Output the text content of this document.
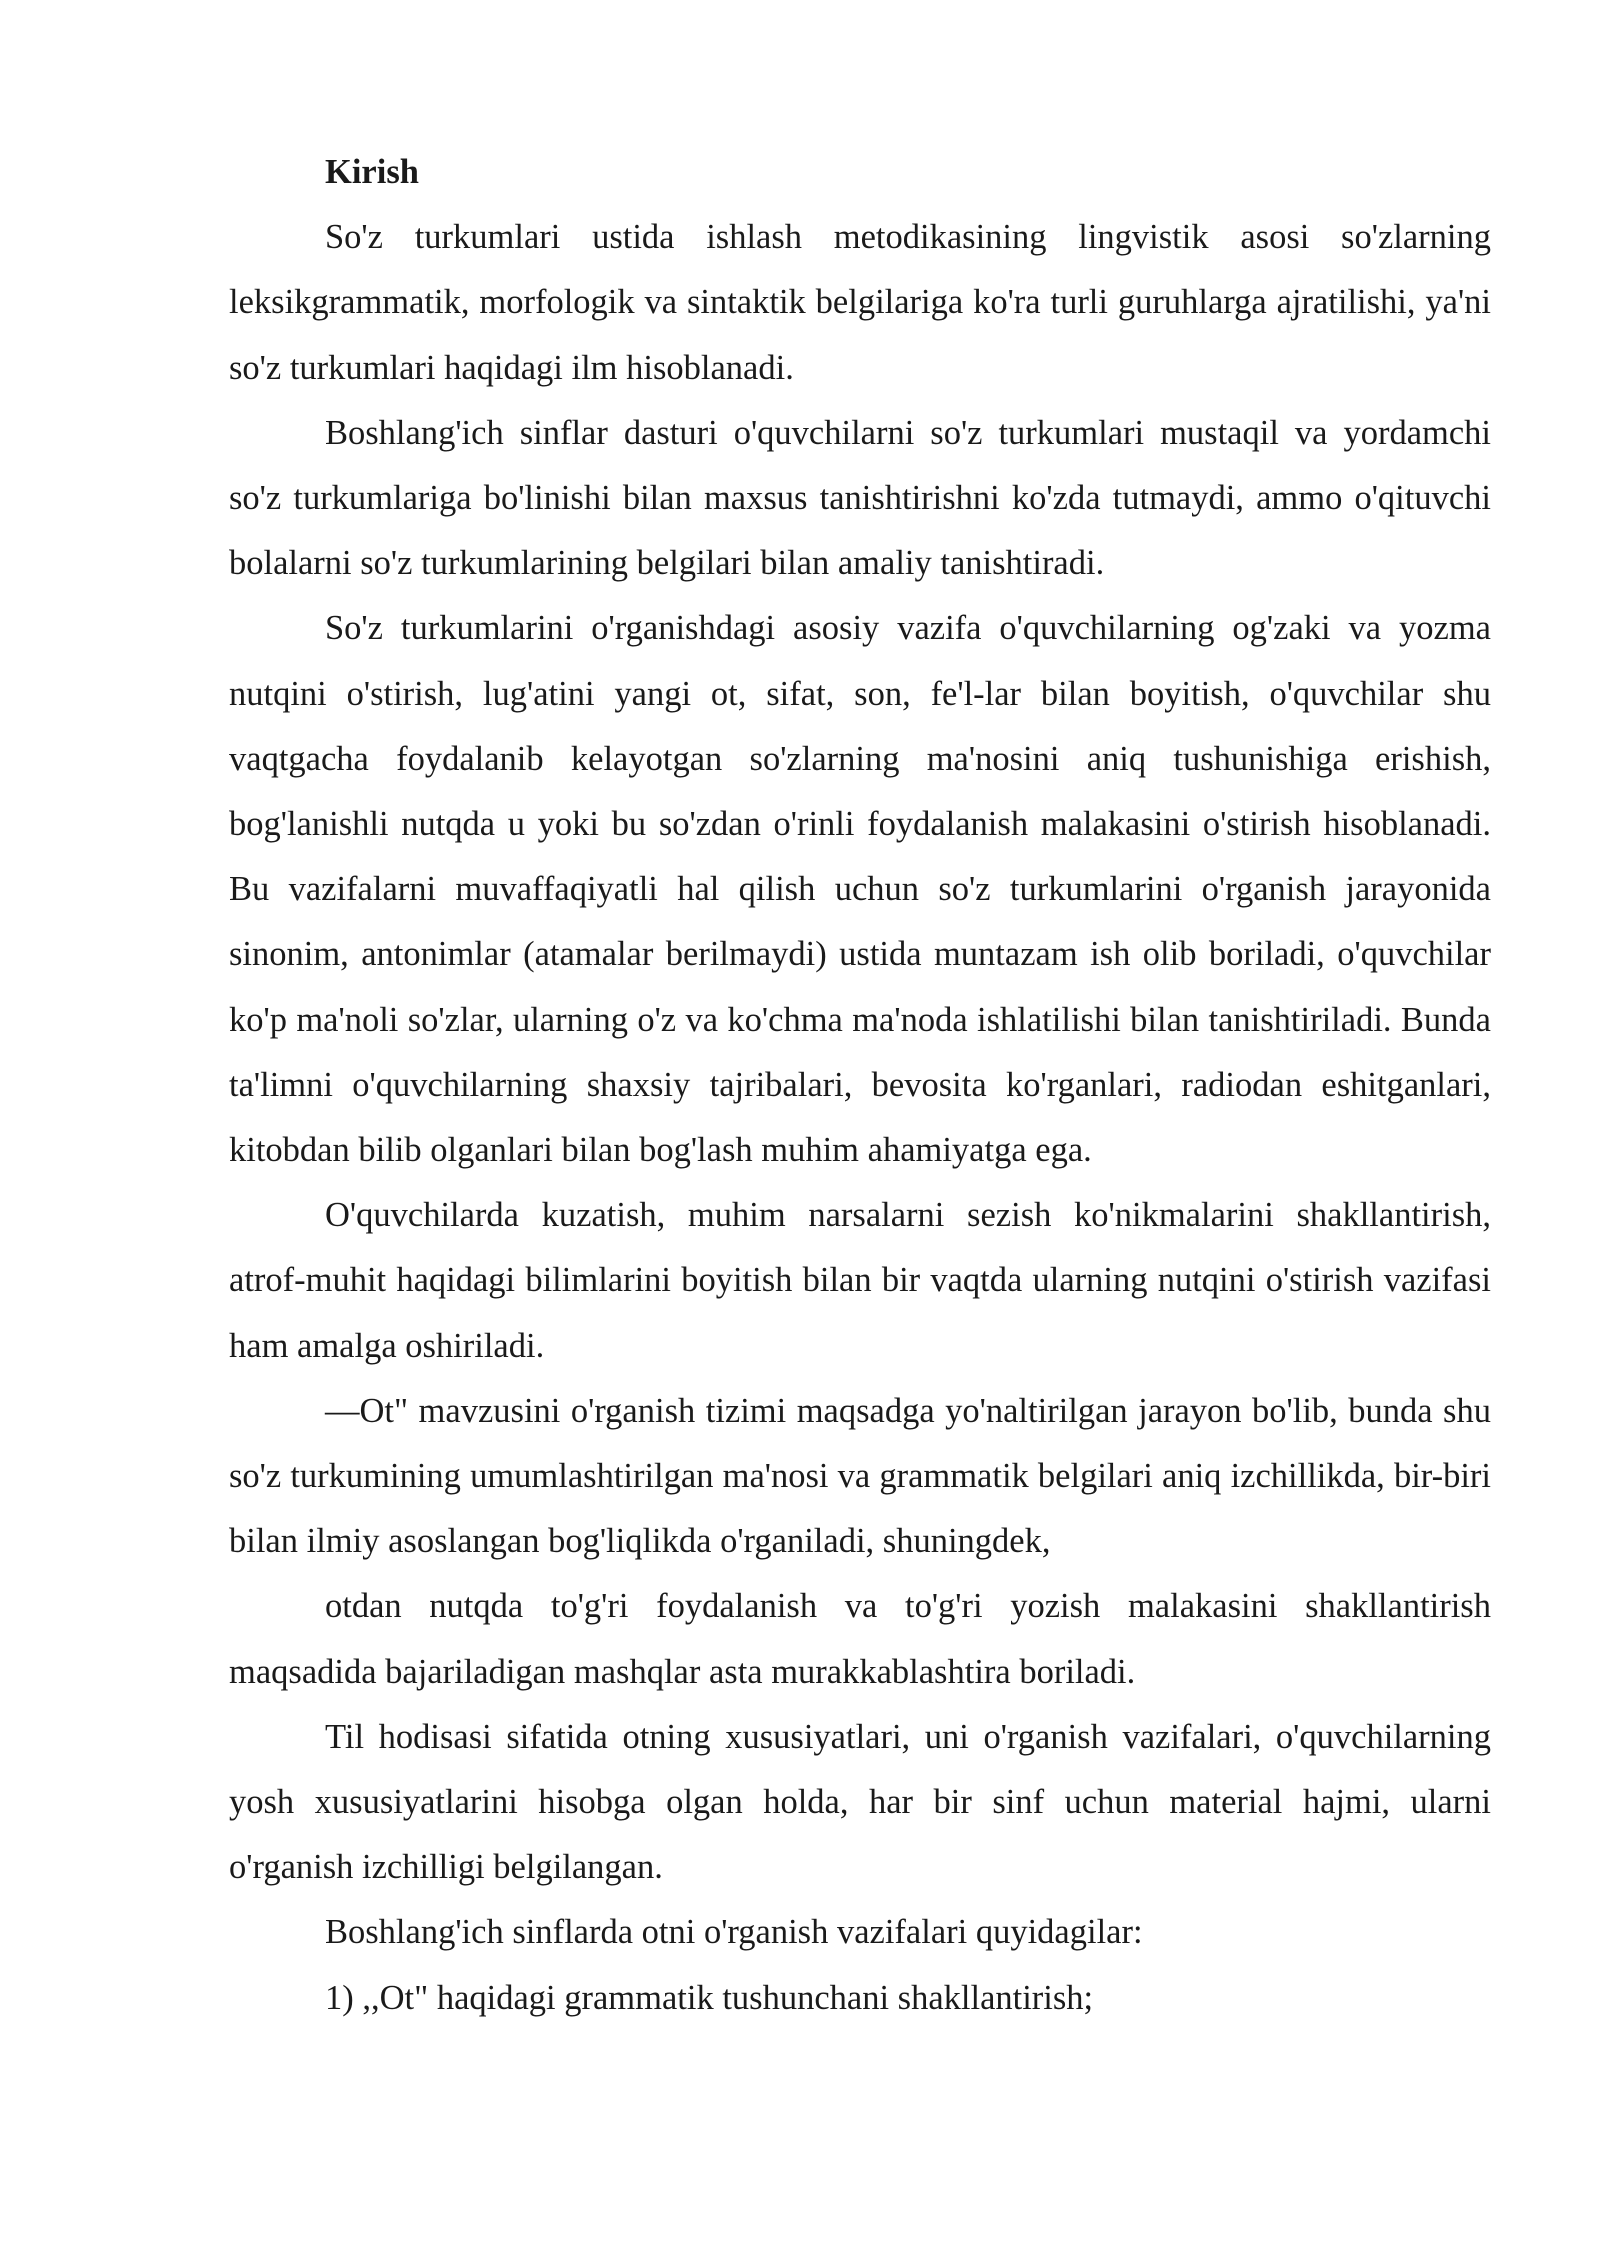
Kirish

So'z turkumlari ustida ishlash metodikasining lingvistik asosi so'zlarning leksikgrammatik, morfologik va sintaktik belgilariga ko'ra turli guruhlarga ajratilishi, ya'ni so'z turkumlari haqidagi ilm hisoblanadi.

Boshlang'ich sinflar dasturi o'quvchilarni so'z turkumlari mustaqil va yordamchi so'z turkumlariga bo'linishi bilan maxsus tanishtirishni ko'zda tutmaydi, ammo o'qituvchi bolalarni so'z turkumlarining belgilari bilan amaliy tanishtiradi.

So'z turkumlarini o'rganishdagi asosiy vazifa o'quvchilarning og'zaki va yozma nutqini o'stirish, lug'atini yangi ot, sifat, son, fe'l-lar bilan boyitish, o'quvchilar shu vaqtgacha foydalanib kelayotgan so'zlarning ma'nosini aniq tushunishiga erishish, bog'lanishli nutqda u yoki bu so'zdan o'rinli foydalanish malakasini o'stirish hisoblanadi. Bu vazifalarni muvaffaqiyatli hal qilish uchun so'z turkumlarini o'rganish jarayonida sinonim, antonimlar (atamalar berilmaydi) ustida muntazam ish olib boriladi, o'quvchilar ko'p ma'noli so'zlar, ularning o'z va ko'chma ma'noda ishlatilishi bilan tanishtiriladi. Bunda ta'limni o'quvchilarning shaxsiy tajribalari, bevosita ko'rganlari, radiodan eshitganlari, kitobdan bilib olganlari bilan bog'lash muhim ahamiyatga ega.

O'quvchilarda kuzatish, muhim narsalarni sezish ko'nikmalarini shakllantirish, atrof-muhit haqidagi bilimlarini boyitish bilan bir vaqtda ularning nutqini o'stirish vazifasi ham amalga oshiriladi.

—Ot" mavzusini o'rganish tizimi maqsadga yo'naltirilgan jarayon bo'lib, bunda shu so'z turkumining umumlashtirilgan ma'nosi va grammatik belgilari aniq izchillikda, bir-biri bilan ilmiy asoslangan bog'liqlikda o'rganiladi, shuningdek,

otdan nutqda to'g'ri foydalanish va to'g'ri yozish malakasini shakllantirish maqsadida bajariladigan mashqlar asta murakkablashtira boriladi.

Til hodisasi sifatida otning xususiyatlari, uni o'rganish vazifalari, o'quvchilarning yosh xususiyatlarini hisobga olgan holda, har bir sinf uchun material hajmi, ularni o'rganish izchilligi belgilangan.

Boshlang'ich sinflarda otni o'rganish vazifalari quyidagilar:

1) ,,Ot" haqidagi grammatik tushunchani shakllantirish;
